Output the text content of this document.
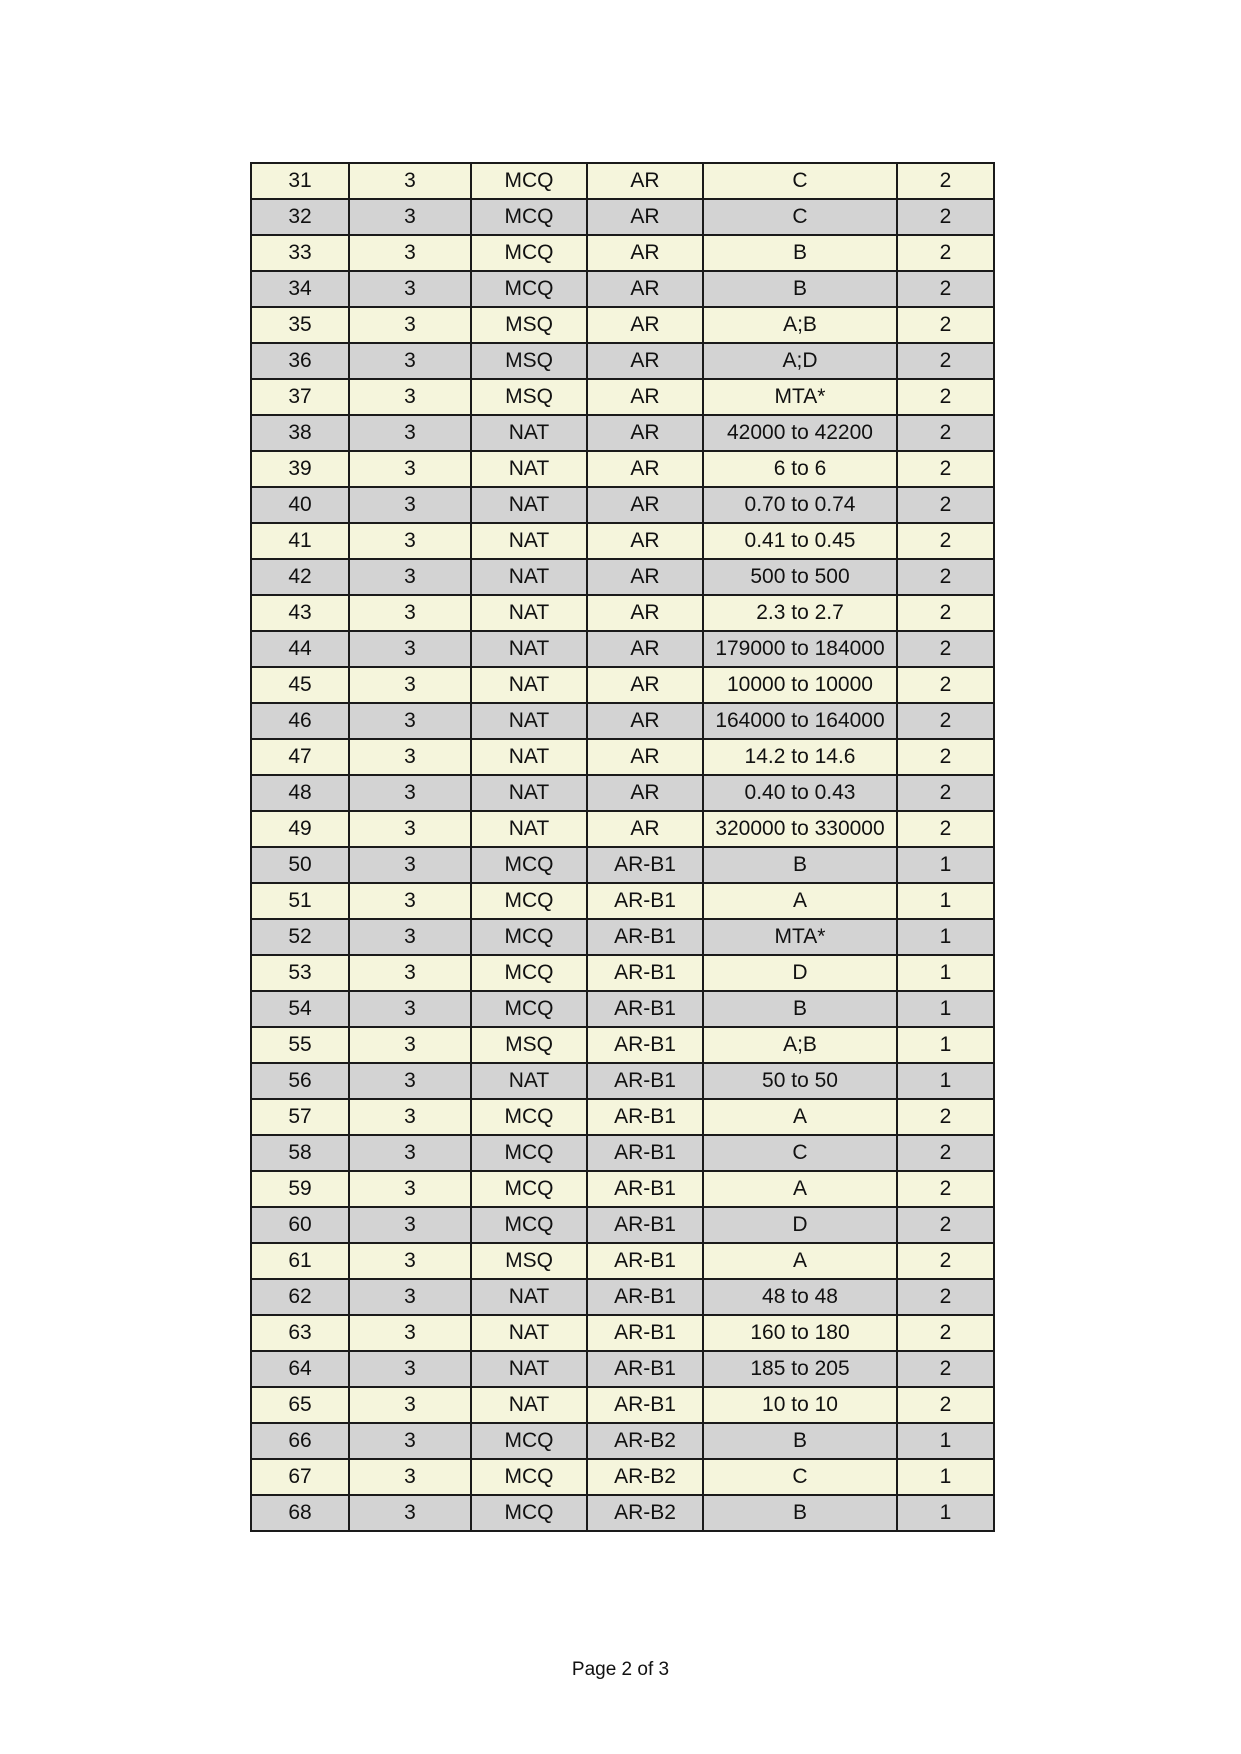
31	3	MCQ	AR	C	2
32	3	MCQ	AR	C	2
33	3	MCQ	AR	B	2
34	3	MCQ	AR	B	2
35	3	MSQ	AR	A;B	2
36	3	MSQ	AR	A;D	2
37	3	MSQ	AR	MTA*	2
38	3	NAT	AR	42000 to 42200	2
39	3	NAT	AR	6 to 6	2
40	3	NAT	AR	0.70 to 0.74	2
41	3	NAT	AR	0.41 to 0.45	2
42	3	NAT	AR	500 to 500	2
43	3	NAT	AR	2.3 to 2.7	2
44	3	NAT	AR	179000 to 184000	2
45	3	NAT	AR	10000 to 10000	2
46	3	NAT	AR	164000 to 164000	2
47	3	NAT	AR	14.2 to 14.6	2
48	3	NAT	AR	0.40 to 0.43	2
49	3	NAT	AR	320000 to 330000	2
50	3	MCQ	AR-B1	B	1
51	3	MCQ	AR-B1	A	1
52	3	MCQ	AR-B1	MTA*	1
53	3	MCQ	AR-B1	D	1
54	3	MCQ	AR-B1	B	1
55	3	MSQ	AR-B1	A;B	1
56	3	NAT	AR-B1	50 to 50	1
57	3	MCQ	AR-B1	A	2
58	3	MCQ	AR-B1	C	2
59	3	MCQ	AR-B1	A	2
60	3	MCQ	AR-B1	D	2
61	3	MSQ	AR-B1	A	2
62	3	NAT	AR-B1	48 to 48	2
63	3	NAT	AR-B1	160 to 180	2
64	3	NAT	AR-B1	185 to 205	2
65	3	NAT	AR-B1	10 to 10	2
66	3	MCQ	AR-B2	B	1
67	3	MCQ	AR-B2	C	1
68	3	MCQ	AR-B2	B	1
Page 2 of 3
